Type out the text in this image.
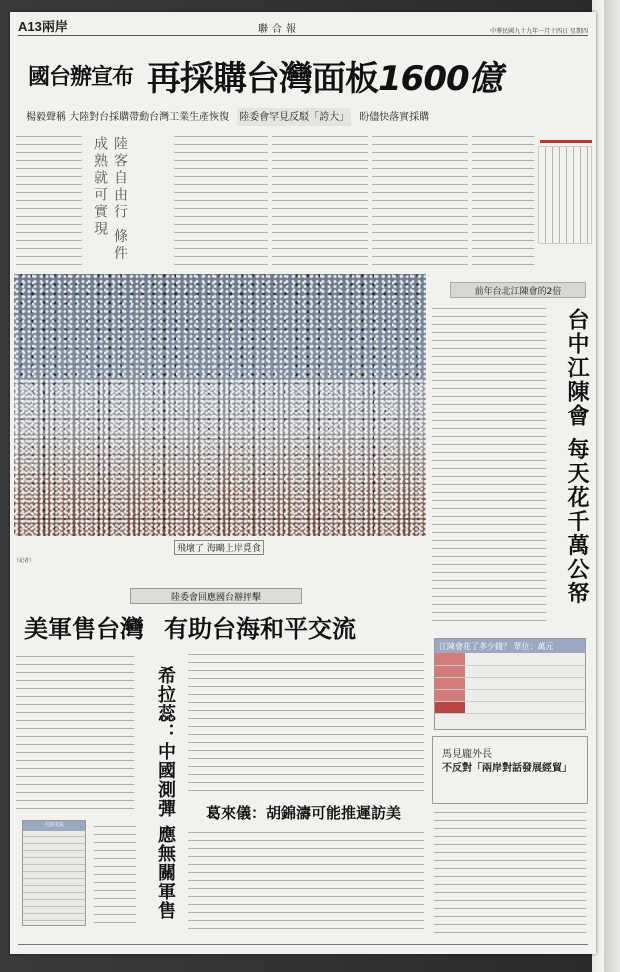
A13兩岸	聯合報	中華民國九十九年一月十四日 星期四
國台辦宣布 再採購台灣面板1600億
楊毅聲稱 大陸對台採購帶動台灣工業生產恢復 陸委會罕見反駁「誇大」 盼儘快落實採購
陸客自由行 條件成熟就可實現
飛壞了 海鷗上岸覓食
（記者）
前年台北江陳會的2倍
台中江陳會 每天花千萬公帑
陸委會回應國台辦抨擊
美軍售台灣 有助台海和平交流
希拉蕊：中國測彈 應無關軍售 葛來儀：胡錦濤可能推遲訪美
江陳會花了多少錢？
單位：萬元

馬見龐外長
不反對「兩岸對話發展經貿」
大陸災區
